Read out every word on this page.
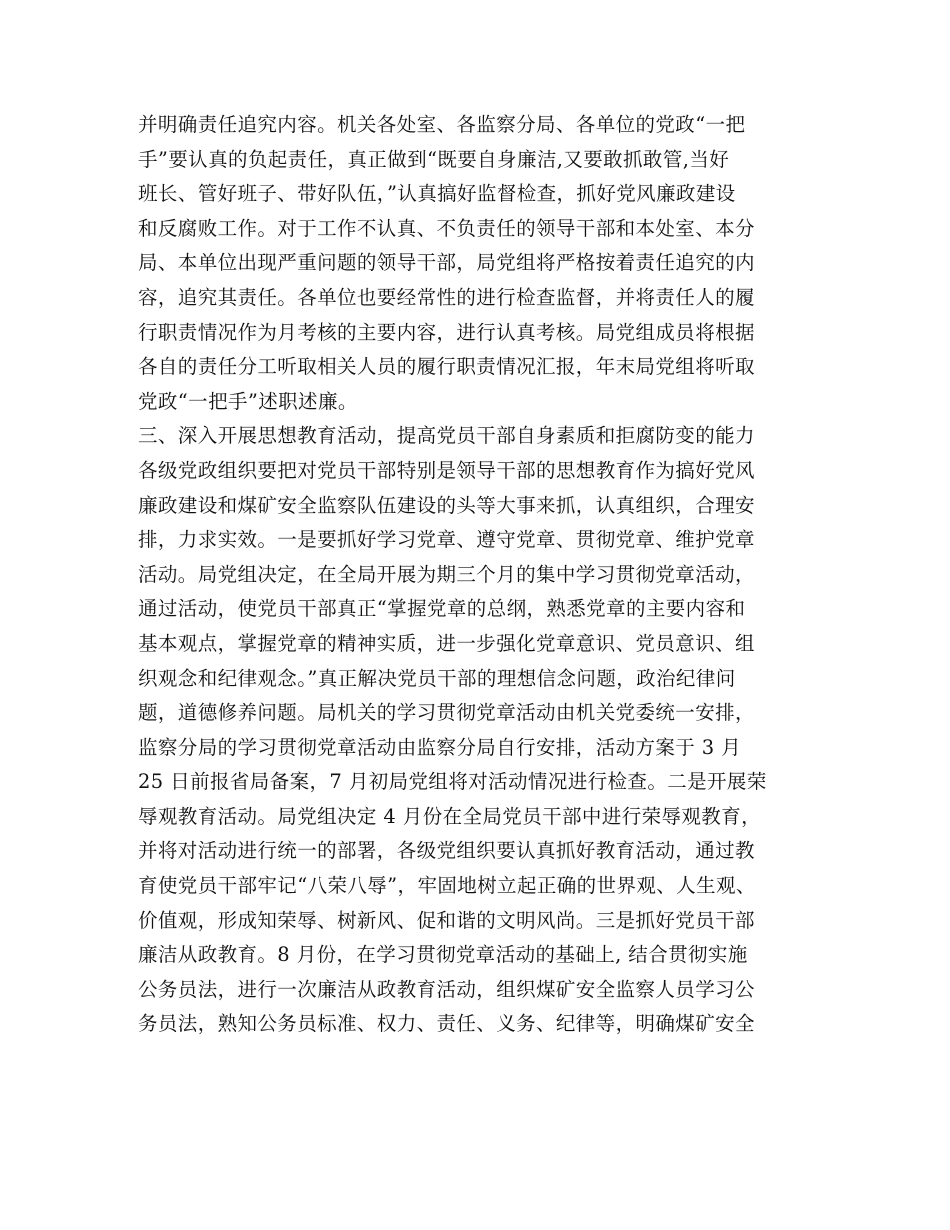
并明确责任追究内容。机关各处室、各监察分局、各单位的党政“一把
手”要认真的负起责任，真正做到“既要自身廉洁,又要敢抓敢管,当好
班长、管好班子、带好队伍，”认真搞好监督检查，抓好党风廉政建设
和反腐败工作。对于工作不认真、不负责任的领导干部和本处室、本分
局、本单位出现严重问题的领导干部，局党组将严格按着责任追究的内
容，追究其责任。各单位也要经常性的进行检查监督，并将责任人的履
行职责情况作为月考核的主要内容，进行认真考核。局党组成员将根据
各自的责任分工听取相关人员的履行职责情况汇报，年末局党组将听取
党政“一把手”述职述廉。
三、深入开展思想教育活动，提高党员干部自身素质和拒腐防变的能力
各级党政组织要把对党员干部特别是领导干部的思想教育作为搞好党风
廉政建设和煤矿安全监察队伍建设的头等大事来抓，认真组织，合理安
排，力求实效。一是要抓好学习党章、遵守党章、贯彻党章、维护党章
活动。局党组决定，在全局开展为期三个月的集中学习贯彻党章活动，
通过活动，使党员干部真正“掌握党章的总纲，熟悉党章的主要内容和
基本观点，掌握党章的精神实质，进一步强化党章意识、党员意识、组
织观念和纪律观念。”真正解决党员干部的理想信念问题，政治纪律问
题，道德修养问题。局机关的学习贯彻党章活动由机关党委统一安排，
监察分局的学习贯彻党章活动由监察分局自行安排，活动方案于 3 月
25 日前报省局备案，7 月初局党组将对活动情况进行检查。二是开展荣
辱观教育活动。局党组决定 4 月份在全局党员干部中进行荣辱观教育，
并将对活动进行统一的部署，各级党组织要认真抓好教育活动，通过教
育使党员干部牢记“八荣八辱”，牢固地树立起正确的世界观、人生观、
价值观，形成知荣辱、树新风、促和谐的文明风尚。三是抓好党员干部
廉洁从政教育。8 月份，在学习贯彻党章活动的基础上, 结合贯彻实施
公务员法，进行一次廉洁从政教育活动，组织煤矿安全监察人员学习公
务员法，熟知公务员标准、权力、责任、义务、纪律等，明确煤矿安全
